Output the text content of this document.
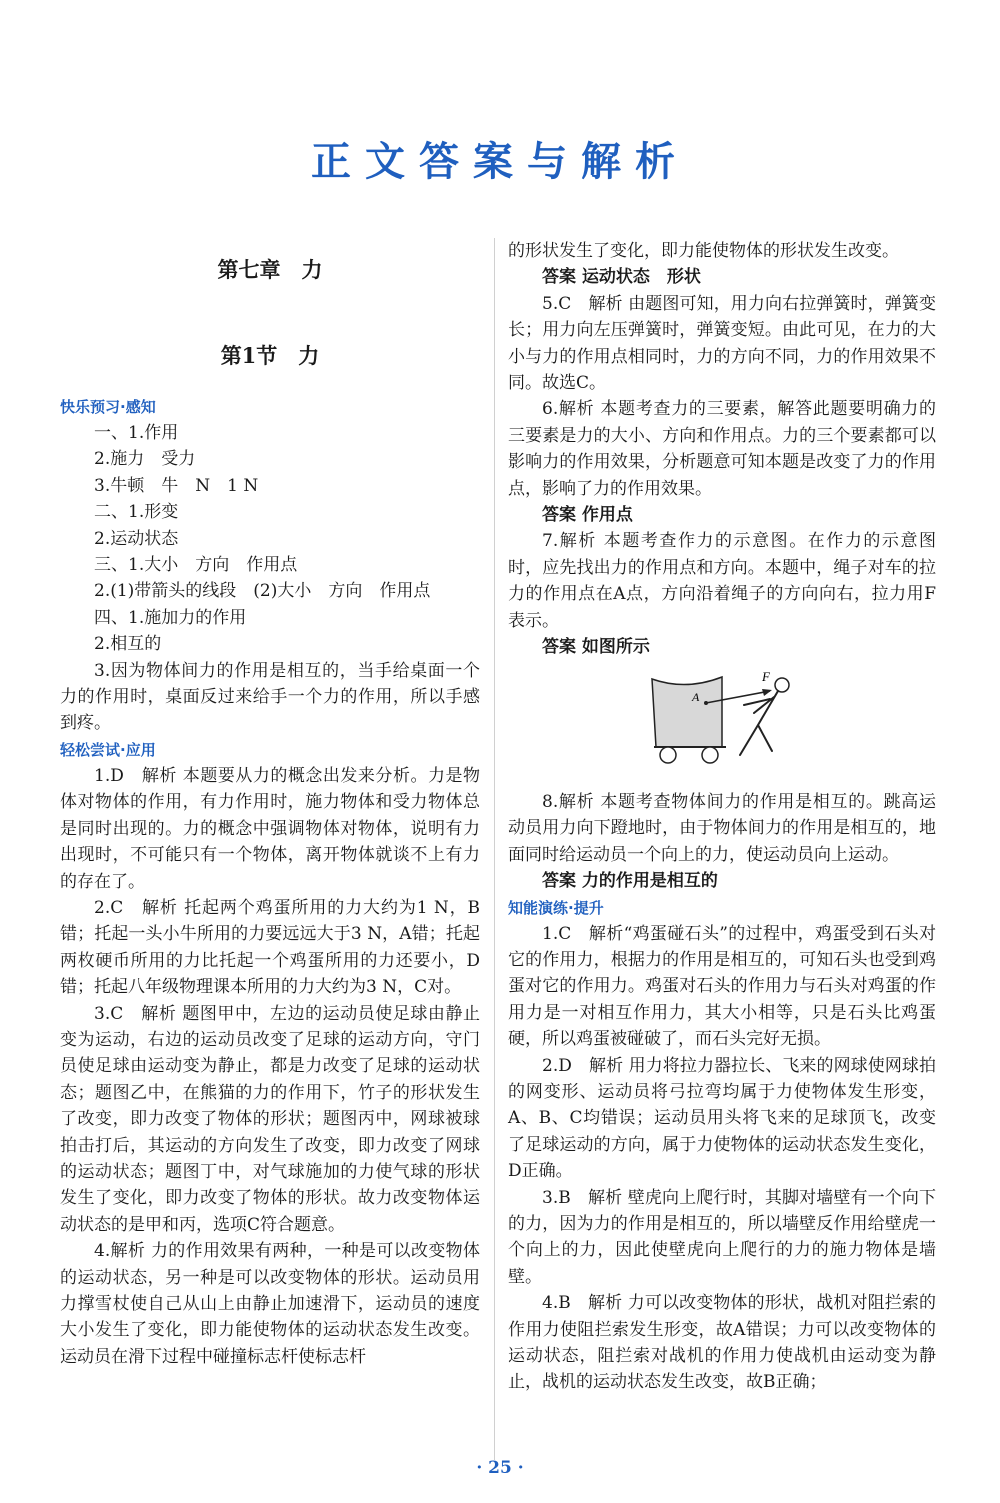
正文答案与解析
第七章　力
第1节　力
快乐预习·感知

一、1.作用

2.施力　受力

3.牛顿　牛　N　1 N

二、1.形变

2.运动状态

三、1.大小　方向　作用点

2.(1)带箭头的线段　(2)大小　方向　作用点

四、1.施加力的作用

2.相互的

3.因为物体间力的作用是相互的，当手给桌面一个力的作用时，桌面反过来给手一个力的作用，所以手感到疼。

轻松尝试·应用

1.D　解析 本题要从力的概念出发来分析。力是物体对物体的作用，有力作用时，施力物体和受力物体总是同时出现的。力的概念中强调物体对物体，说明有力出现时，不可能只有一个物体，离开物体就谈不上有力的存在了。

2.C　解析 托起两个鸡蛋所用的力大约为1 N，B错；托起一头小牛所用的力要远远大于3 N，A错；托起两枚硬币所用的力比托起一个鸡蛋所用的力还要小，D错；托起八年级物理课本所用的力大约为3 N，C对。

3.C　解析 题图甲中，左边的运动员使足球由静止变为运动，右边的运动员改变了足球的运动方向，守门员使足球由运动变为静止，都是力改变了足球的运动状态；题图乙中，在熊猫的力的作用下，竹子的形状发生了改变，即力改变了物体的形状；题图丙中，网球被球拍击打后，其运动的方向发生了改变，即力改变了网球的运动状态；题图丁中，对气球施加的力使气球的形状发生了变化，即力改变了物体的形状。故力改变物体运动状态的是甲和丙，选项C符合题意。

4.解析 力的作用效果有两种，一种是可以改变物体的运动状态，另一种是可以改变物体的形状。运动员用力撑雪杖使自己从山上由静止加速滑下，运动员的速度大小发生了变化，即力能使物体的运动状态发生改变。运动员在滑下过程中碰撞标志杆使标志杆

的形状发生了变化，即力能使物体的形状发生改变。

答案 运动状态　形状

5.C　解析 由题图可知，用力向右拉弹簧时，弹簧变长；用力向左压弹簧时，弹簧变短。由此可见，在力的大小与力的作用点相同时，力的方向不同，力的作用效果不同。故选C。

6.解析 本题考查力的三要素，解答此题要明确力的三要素是力的大小、方向和作用点。力的三个要素都可以影响力的作用效果，分析题意可知本题是改变了力的作用点，影响了力的作用效果。

答案 作用点

7.解析 本题考查作力的示意图。在作力的示意图时，应先找出力的作用点和方向。本题中，绳子对车的拉力的作用点在A点，方向沿着绳子的方向向右，拉力用F表示。

答案 如图所示

F
A

8.解析 本题考查物体间力的作用是相互的。跳高运动员用力向下蹬地时，由于物体间力的作用是相互的，地面同时给运动员一个向上的力，使运动员向上运动。

答案 力的作用是相互的

知能演练·提升

1.C　解析“鸡蛋碰石头”的过程中，鸡蛋受到石头对它的作用力，根据力的作用是相互的，可知石头也受到鸡蛋对它的作用力。鸡蛋对石头的作用力与石头对鸡蛋的作用力是一对相互作用力，其大小相等，只是石头比鸡蛋硬，所以鸡蛋被碰破了，而石头完好无损。

2.D　解析 用力将拉力器拉长、飞来的网球使网球拍的网变形、运动员将弓拉弯均属于力使物体发生形变，A、B、C均错误；运动员用头将飞来的足球顶飞，改变了足球运动的方向，属于力使物体的运动状态发生变化，D正确。

3.B　解析 壁虎向上爬行时，其脚对墙壁有一个向下的力，因为力的作用是相互的，所以墙壁反作用给壁虎一个向上的力，因此使壁虎向上爬行的力的施力物体是墙壁。

4.B　解析 力可以改变物体的形状，战机对阻拦索的作用力使阻拦索发生形变，故A错误；力可以改变物体的运动状态，阻拦索对战机的作用力使战机由运动变为静止，战机的运动状态发生改变，故B正确；

· 25 ·
